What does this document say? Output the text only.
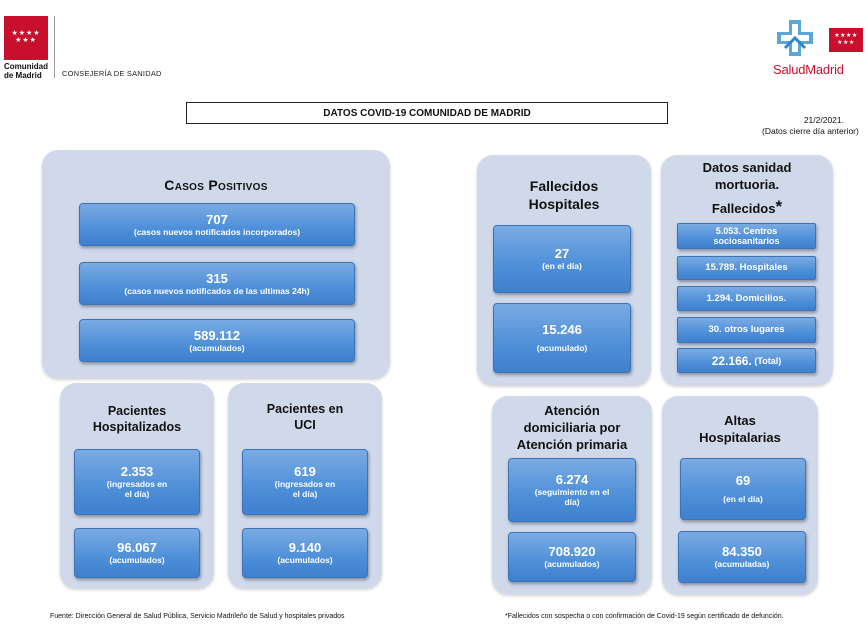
★★★★ ★★★
Comunidad
de Madrid	CONSEJERÍA DE SANIDAD
★★★★ ★★★
SaludMadrid
DATOS COVID-19 COMUNIDAD DE MADRID
21/2/2021.
(Datos cierre día anterior)
Casos Positivos
707
(casos nuevos notificados incorporados)
315
(casos nuevos notificados de las ultimas 24h)
589.112
(acumulados)
Pacientes
Hospitalizados
2.353
(ingresados en
el día)
96.067
(acumulados)
Pacientes en
UCI
619
(ingresados en
el día)
9.140
(acumulados)
Fallecidos
Hospitales
27
(en el día)
15.246
(acumulado)
Datos sanidad
mortuoria.
Fallecidos*
5.053. Centros
sociosanitarios
15.789. Hospitales
1.294. Domicilios.
30. otros lugares
22.166.
(Total)
Atención
domiciliaria por
Atención primaria
6.274
(seguimiento en el
día)
708.920
(acumulados)
Altas
Hospitalarias
69
(en el día)
84.350
(acumuladas)
Fuente: Dirección General de Salud Pública, Servicio Madrileño de Salud y hospitales privados	*Fallecidos con sospecha o con confirmación de Covid-19 según certificado de defunción.
